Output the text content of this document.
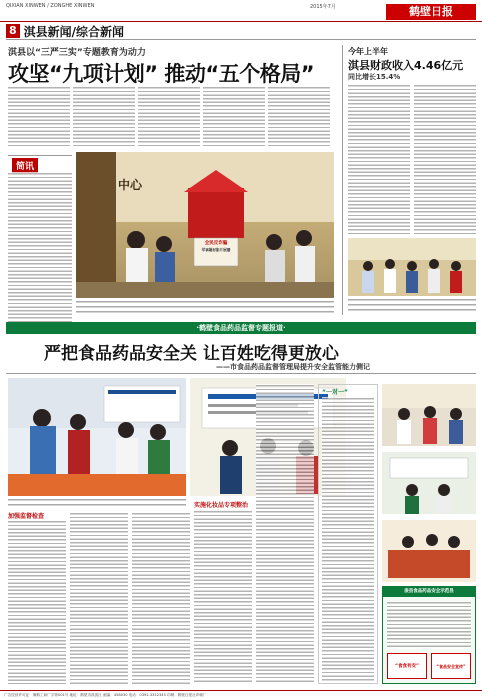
QIXIAN XINWEN / ZONGHE XINWEN	2015年7月	鹤壁日报
8 淇县新闻/综合新闻
淇县以“三严三实”专题教育为动力
攻坚“九项计划” 推动“五个格局”
简讯
中心
全民反诈骗
军事题材影片展播
今年上半年
淇县财政收入4.46亿元
同比增长15.4%
·鹤壁食品药品监督专题报道·
严把食品药品安全关 让百姓吃得更放心
——市食品药品监督管理局提升安全监管能力侧记
加强监督检查
实施化妆品专项整治
“一对一”
浚县食品药品安全示范县
“食食有安”	“食品安全宣传”
广告经营许可证：豫鹤工商广字第001号 地址：鹤壁市淇滨区 邮编：458030 电话：0392-3312345 印刷：鹤壁日报社印刷厂
